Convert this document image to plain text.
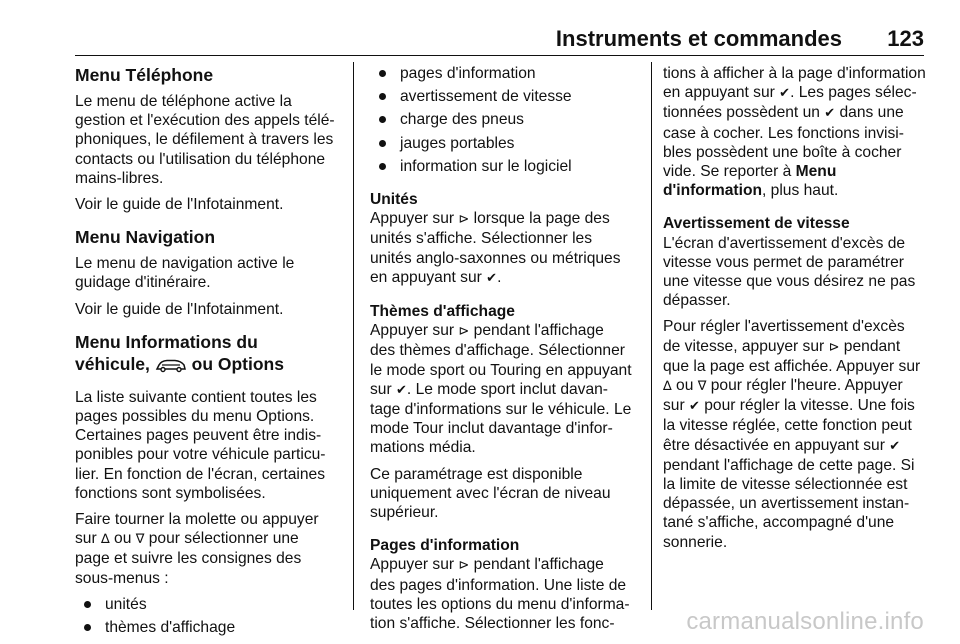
Instruments et commandes 123
Menu Téléphone

Le menu de téléphone active la
gestion et l'exécution des appels télé-
phoniques, le défilement à travers les
contacts ou l'utilisation du téléphone
mains-libres.

Voir le guide de l'Infotainment.

Menu Navigation

Le menu de navigation active le
guidage d'itinéraire.

Voir le guide de l'Infotainment.

Menu Informations du
véhicule,  ou Options

La liste suivante contient toutes les
pages possibles du menu Options.
Certaines pages peuvent être indis-
ponibles pour votre véhicule particu-
lier. En fonction de l'écran, certaines
fonctions sont symbolisées.

Faire tourner la molette ou appuyer
sur ∆ ou ∇ pour sélectionner une
page et suivre les consignes des
sous-menus :

unités
thèmes d'affichage
pages d'information
avertissement de vitesse
charge des pneus
jauges portables
information sur le logiciel
Unités

Appuyer sur ⊳ lorsque la page des
unités s'affiche. Sélectionner les
unités anglo-saxonnes ou métriques
en appuyant sur ✔.

Thèmes d'affichage

Appuyer sur ⊳ pendant l'affichage
des thèmes d'affichage. Sélectionner
le mode sport ou Touring en appuyant
sur ✔. Le mode sport inclut davan-
tage d'informations sur le véhicule. Le
mode Tour inclut davantage d'infor-
mations média.

Ce paramétrage est disponible
uniquement avec l'écran de niveau
supérieur.

Pages d'information

Appuyer sur ⊳ pendant l'affichage
des pages d'information. Une liste de
toutes les options du menu d'informa-
tion s'affiche. Sélectionner les fonc-

tions à afficher à la page d'information
en appuyant sur ✔. Les pages sélec-
tionnées possèdent un ✔ dans une
case à cocher. Les fonctions invisi-
bles possèdent une boîte à cocher
vide. Se reporter à Menu
d'information, plus haut.

Avertissement de vitesse

L'écran d'avertissement d'excès de
vitesse vous permet de paramétrer
une vitesse que vous désirez ne pas
dépasser.

Pour régler l'avertissement d'excès
de vitesse, appuyer sur ⊳ pendant
que la page est affichée. Appuyer sur
∆ ou ∇ pour régler l'heure. Appuyer
sur ✔ pour régler la vitesse. Une fois
la vitesse réglée, cette fonction peut
être désactivée en appuyant sur ✔
pendant l'affichage de cette page. Si
la limite de vitesse sélectionnée est
dépassée, un avertissement instan-
tané s'affiche, accompagné d'une
sonnerie.

carmanualsonline.info
